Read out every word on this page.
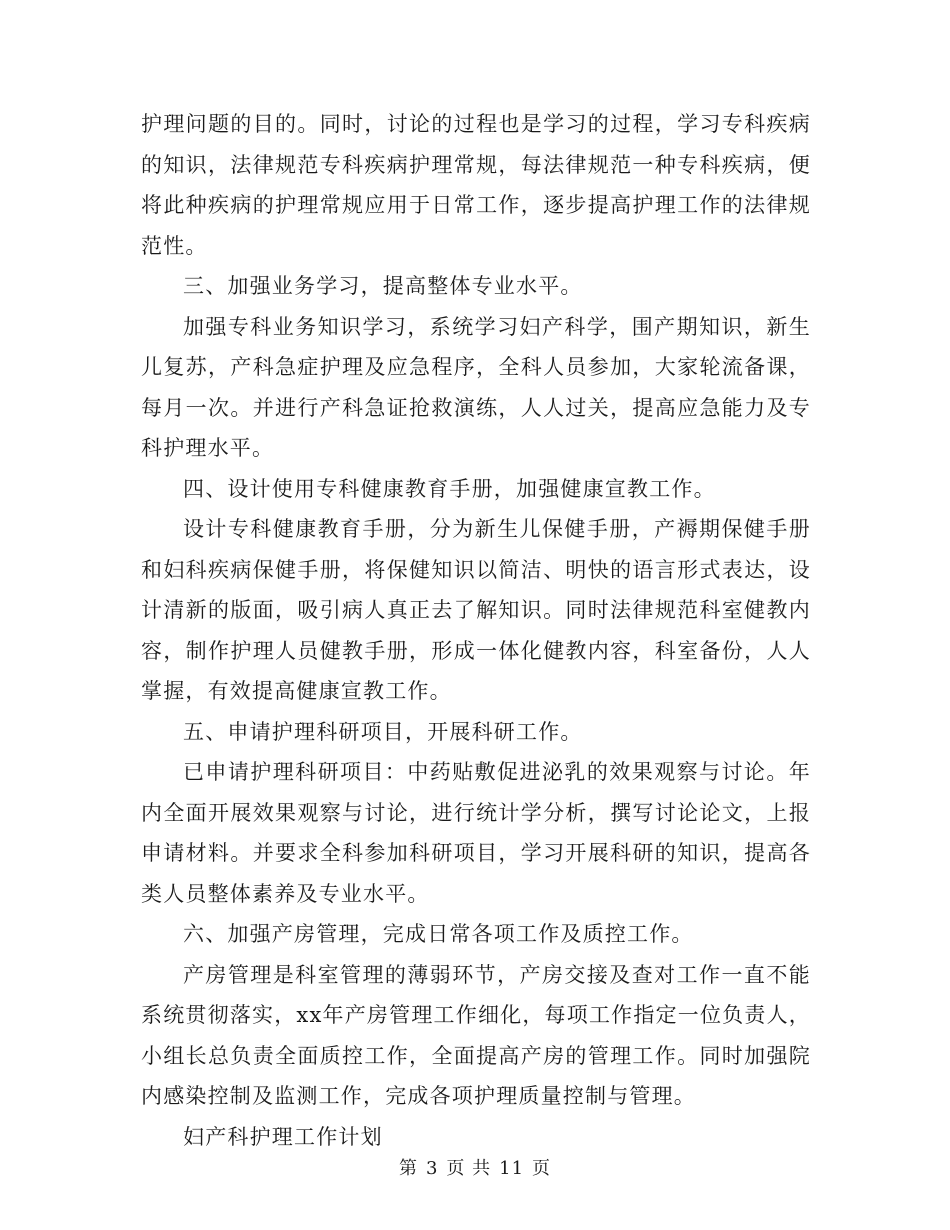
护理问题的目的。同时，讨论的过程也是学习的过程，学习专科疾病的知识，法律规范专科疾病护理常规，每法律规范一种专科疾病，便将此种疾病的护理常规应用于日常工作，逐步提高护理工作的法律规范性。

三、加强业务学习，提高整体专业水平。

加强专科业务知识学习，系统学习妇产科学，围产期知识，新生儿复苏，产科急症护理及应急程序，全科人员参加，大家轮流备课，每月一次。并进行产科急证抢救演练，人人过关，提高应急能力及专科护理水平。

四、设计使用专科健康教育手册，加强健康宣教工作。

设计专科健康教育手册，分为新生儿保健手册，产褥期保健手册和妇科疾病保健手册，将保健知识以简洁、明快的语言形式表达，设计清新的版面，吸引病人真正去了解知识。同时法律规范科室健教内容，制作护理人员健教手册，形成一体化健教内容，科室备份，人人掌握，有效提高健康宣教工作。

五、申请护理科研项目，开展科研工作。

已申请护理科研项目：中药贴敷促进泌乳的效果观察与讨论。年内全面开展效果观察与讨论，进行统计学分析，撰写讨论论文，上报申请材料。并要求全科参加科研项目，学习开展科研的知识，提高各类人员整体素养及专业水平。

六、加强产房管理，完成日常各项工作及质控工作。

产房管理是科室管理的薄弱环节，产房交接及查对工作一直不能系统贯彻落实，xx年产房管理工作细化，每项工作指定一位负责人，小组长总负责全面质控工作，全面提高产房的管理工作。同时加强院内感染控制及监测工作，完成各项护理质量控制与管理。

妇产科护理工作计划

第 3 页 共 11 页
